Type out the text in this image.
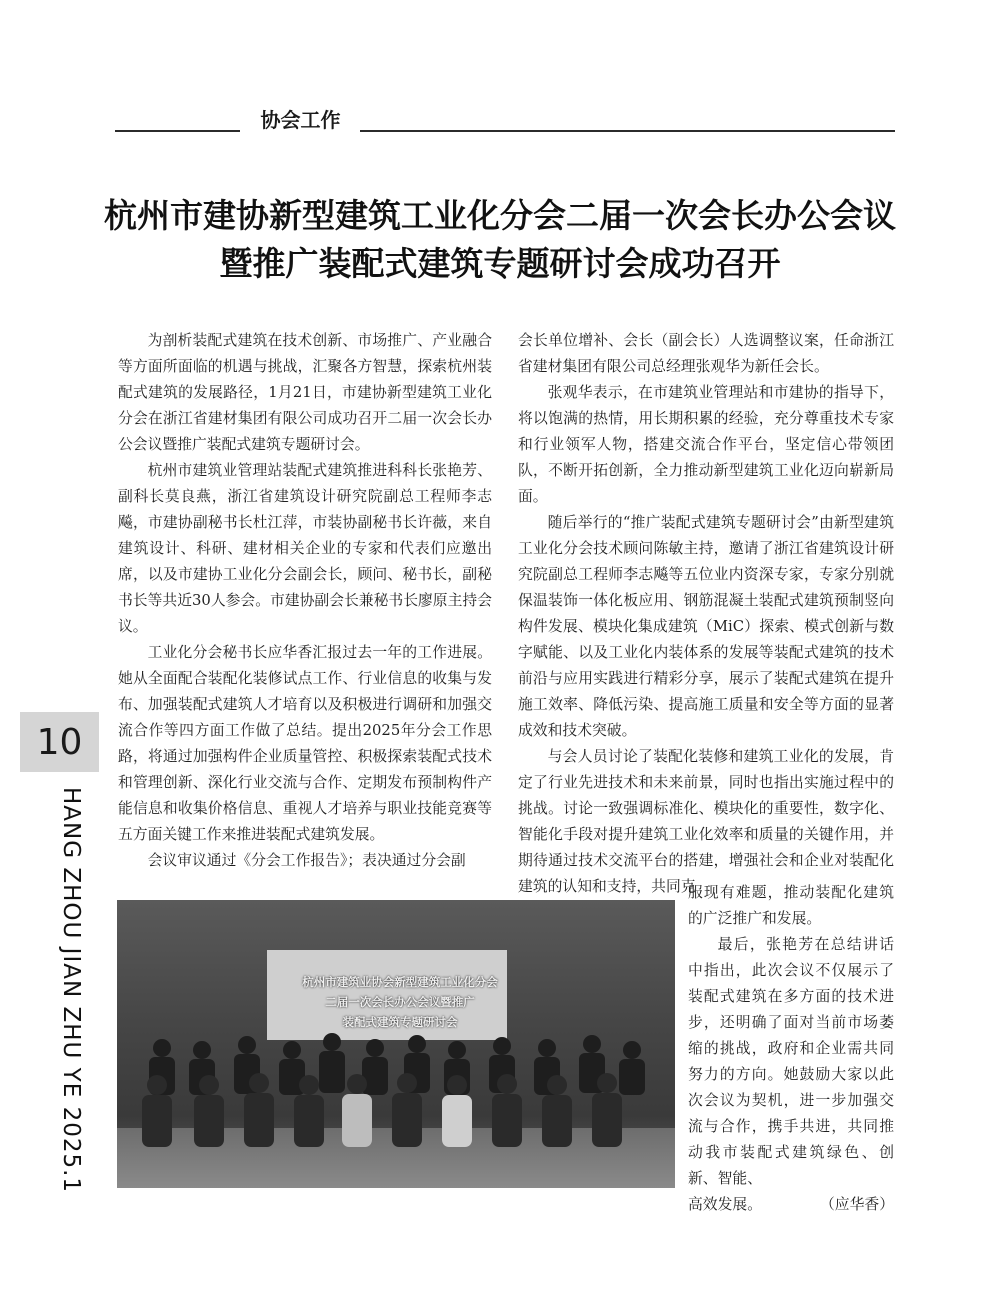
协会工作
杭州市建协新型建筑工业化分会二届一次会长办公会议
暨推广装配式建筑专题研讨会成功召开

为剖析装配式建筑在技术创新、市场推广、产业融合等方面所面临的机遇与挑战，汇聚各方智慧，探索杭州装配式建筑的发展路径，1月21日，市建协新型建筑工业化分会在浙江省建材集团有限公司成功召开二届一次会长办公会议暨推广装配式建筑专题研讨会。

杭州市建筑业管理站装配式建筑推进科科长张艳芳、副科长莫良燕，浙江省建筑设计研究院副总工程师李志飚，市建协副秘书长杜江萍，市装协副秘书长许薇，来自建筑设计、科研、建材相关企业的专家和代表们应邀出席，以及市建协工业化分会副会长，顾问、秘书长，副秘书长等共近30人参会。市建协副会长兼秘书长廖原主持会议。

工业化分会秘书长应华香汇报过去一年的工作进展。她从全面配合装配化装修试点工作、行业信息的收集与发布、加强装配式建筑人才培育以及积极进行调研和加强交流合作等四方面工作做了总结。提出2025年分会工作思路，将通过加强构件企业质量管控、积极探索装配式技术和管理创新、深化行业交流与合作、定期发布预制构件产能信息和收集价格信息、重视人才培养与职业技能竞赛等五方面关键工作来推进装配式建筑发展。

会议审议通过《分会工作报告》；表决通过分会副

会长单位增补、会长（副会长）人选调整议案，任命浙江省建材集团有限公司总经理张观华为新任会长。

张观华表示，在市建筑业管理站和市建协的指导下，将以饱满的热情，用长期积累的经验，充分尊重技术专家和行业领军人物，搭建交流合作平台，坚定信心带领团队，不断开拓创新，全力推动新型建筑工业化迈向崭新局面。

随后举行的“推广装配式建筑专题研讨会”由新型建筑工业化分会技术顾问陈敏主持，邀请了浙江省建筑设计研究院副总工程师李志飚等五位业内资深专家，专家分别就保温装饰一体化板应用、钢筋混凝土装配式建筑预制竖向构件发展、模块化集成建筑（MiC）探索、模式创新与数字赋能、以及工业化内装体系的发展等装配式建筑的技术前沿与应用实践进行精彩分享，展示了装配式建筑在提升施工效率、降低污染、提高施工质量和安全等方面的显著成效和技术突破。

与会人员讨论了装配化装修和建筑工业化的发展，肯定了行业先进技术和未来前景，同时也指出实施过程中的挑战。讨论一致强调标准化、模块化的重要性，数字化、智能化手段对提升建筑工业化效率和质量的关键作用，并期待通过技术交流平台的搭建，增强社会和企业对装配化建筑的认知和支持，共同克

服现有难题，推动装配化建筑的广泛推广和发展。

最后，张艳芳在总结讲话中指出，此次会议不仅展示了装配式建筑在多方面的技术进步，还明确了面对当前市场萎缩的挑战，政府和企业需共同努力的方向。她鼓励大家以此次会议为契机，进一步加强交流与合作，携手共进，共同推动我市装配式建筑绿色、创新、智能、

高效发展。	（应华香）
杭州市建筑业协会新型建筑工业化分会
二届一次会长办公会议暨推广
装配式建筑专题研讨会
10
HANG ZHOU JIAN ZHU YE 2025.1
